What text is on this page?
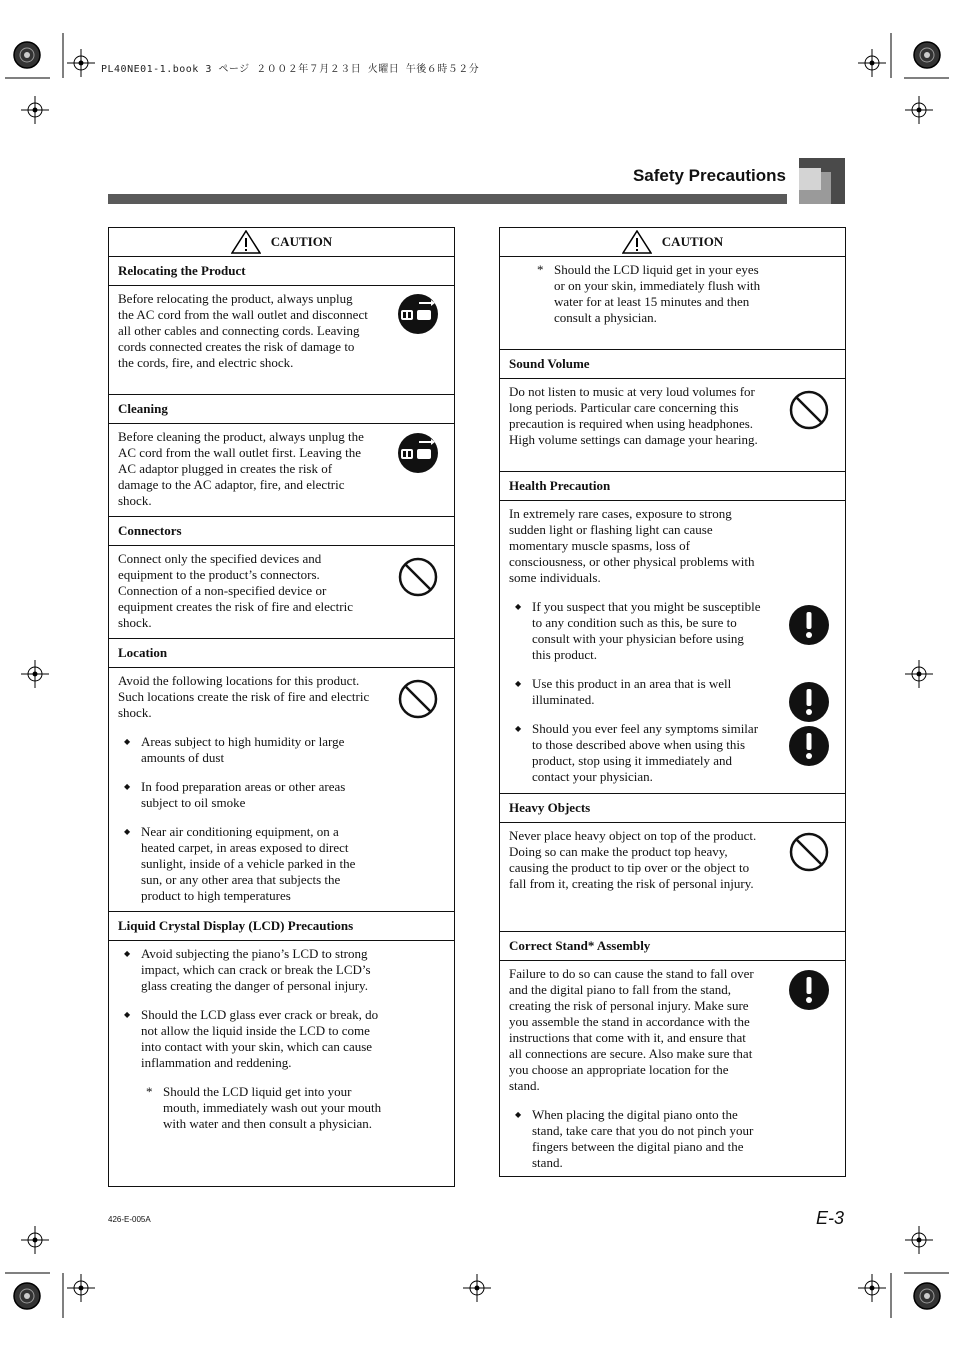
PL40NE01-1.book 3 ページ ２００２年７月２３日 火曜日 午後６時５２分
Safety Precautions
CAUTION
Relocating the Product

Before relocating the product, always unplug the AC cord from the wall outlet and disconnect all other cables and connecting cords. Leaving cords connected creates the risk of damage to the cords, fire, and electric shock.

Cleaning

Before cleaning the product, always unplug the AC cord from the wall outlet first. Leaving the AC adaptor plugged in creates the risk of damage to the AC adaptor, fire, and electric shock.

Connectors

Connect only the specified devices and equipment to the product’s connectors. Connection of a non-specified device or equipment creates the risk of fire and electric shock.

Location

Avoid the following locations for this product. Such locations create the risk of fire and electric shock.

◆ Areas subject to high humidity or large amounts of dust
◆ In food preparation areas or other areas subject to oil smoke
◆ Near air conditioning equipment, on a heated carpet, in areas exposed to direct sunlight, inside of a vehicle parked in the sun, or any other area that subjects the product to high temperatures
Liquid Crystal Display (LCD) Precautions
◆ Avoid subjecting the piano’s LCD to strong impact, which can crack or break the LCD’s glass creating the danger of personal injury.
◆ Should the LCD glass ever crack or break, do not allow the liquid inside the LCD to come into contact with your skin, which can cause inflammation and reddening.
* Should the LCD liquid get into your mouth, immediately wash out your mouth with water and then consult a physician.
CAUTION
* Should the LCD liquid get in your eyes or on your skin, immediately flush with water for at least 15 minutes and then consult a physician.
Sound Volume

Do not listen to music at very loud volumes for long periods. Particular care concerning this precaution is required when using headphones. High volume settings can damage your hearing.

Health Precaution

In extremely rare cases, exposure to strong sudden light or flashing light can cause momentary muscle spasms, loss of consciousness, or other physical problems with some individuals.

◆ If you suspect that you might be susceptible to any condition such as this, be sure to consult with your physician before using this product.
◆ Use this product in an area that is well illuminated.
◆ Should you ever feel any symptoms similar to those described above when using this product, stop using it immediately and contact your physician.
Heavy Objects

Never place heavy object on top of the product.

Doing so can make the product top heavy, causing the product to tip over or the object to fall from it, creating the risk of personal injury.

Correct Stand* Assembly

Failure to do so can cause the stand to fall over and the digital piano to fall from the stand, creating the risk of personal injury. Make sure you assemble the stand in accordance with the instructions that come with it, and ensure that all connections are secure. Also make sure that you choose an appropriate location for the stand.

◆ When placing the digital piano onto the stand, take care that you do not pinch your fingers between the digital piano and the stand.
426-E-005A	E-3
